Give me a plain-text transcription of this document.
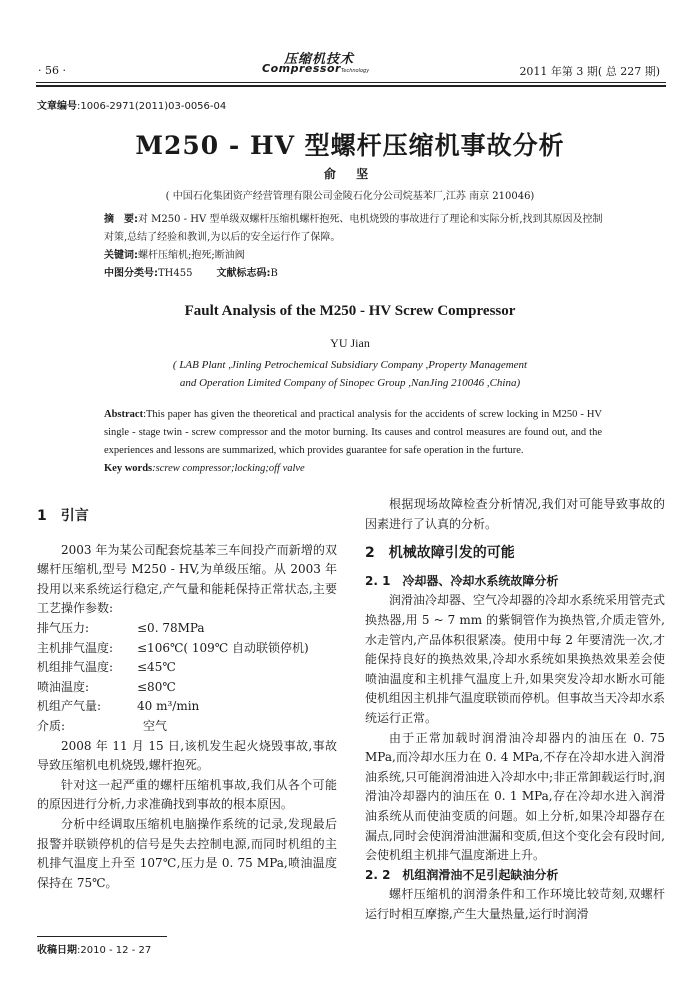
· 56 ·
压缩机技术
CompressorTechnology	2011 年第 3 期( 总 227 期)
文章编号:1006-2971(2011)03-0056-04
M250 - HV 型螺杆压缩机事故分析
俞 坚
( 中国石化集团资产经营管理有限公司金陵石化分公司烷基苯厂,江苏 南京 210046)
摘　要:对 M250 - HV 型单级双螺杆压缩机螺杆抱死、电机烧毁的事故进行了理论和实际分析,找到其原因及控制对策,总结了经验和教训,为以后的安全运行作了保障。
关键词:螺杆压缩机;抱死;断油阀
中图分类号:TH455 文献标志码:B
Fault Analysis of the M250 - HV Screw Compressor
YU Jian
( LAB Plant ,Jinling Petrochemical Subsidiary Company ,Property Management
and Operation Limited Company of Sinopec Group ,NanJing 210046 ,China)
Abstract:This paper has given the theoretical and practical analysis for the accidents of screw locking in M250 - HV single - stage twin - screw compressor and the motor burning. Its causes and control measures are found out, and the experiences and lessons are summarized, which provides guarantee for safe operation in the furture.
Key words:screw compressor;locking;off valve
1　引言

2003 年为某公司配套烷基苯三车间投产而新增的双螺杆压缩机,型号 M250 - HV,为单级压缩。从 2003 年投用以来系统运行稳定,产气量和能耗保持正常状态,主要工艺操作参数:

排气压力:	≤0. 78MPa
主机排气温度:	≤106℃( 109℃ 自动联锁停机)
机组排气温度:	≤45℃
喷油温度:	≤80℃
机组产气量:	40 m³/min
介质:	空气

2008 年 11 月 15 日,该机发生起火烧毁事故,事故导致压缩机电机烧毁,螺杆抱死。

针对这一起严重的螺杆压缩机事故,我们从各个可能的原因进行分析,力求准确找到事故的根本原因。

分析中经调取压缩机电脑操作系统的记录,发现最后报警并联锁停机的信号是失去控制电源,而同时机组的主机排气温度上升至 107℃,压力是 0. 75 MPa,喷油温度保持在 75℃。

根据现场故障检查分析情况,我们对可能导致事故的因素进行了认真的分析。

2　机械故障引发的可能
2. 1　冷却器、冷却水系统故障分析

润滑油冷却器、空气冷却器的冷却水系统采用管壳式换热器,用 5 ~ 7 mm 的紫铜管作为换热管,介质走管外,水走管内,产品体积很紧凑。使用中每 2 年要清洗一次,才能保持良好的换热效果,冷却水系统如果换热效果差会使喷油温度和主机排气温度上升,如果突发冷却水断水可能使机组因主机排气温度联锁而停机。但事故当天冷却水系统运行正常。

由于正常加载时润滑油冷却器内的油压在 0. 75 MPa,而冷却水压力在 0. 4 MPa,不存在冷却水进入润滑油系统,只可能润滑油进入冷却水中;非正常卸载运行时,润滑油冷却器内的油压在 0. 1 MPa,存在冷却水进入润滑油系统从而使油变质的问题。如上分析,如果冷却器存在漏点,同时会使润滑油泄漏和变质,但这个变化会有段时间,会使机组主机排气温度渐进上升。

2. 2　机组润滑油不足引起缺油分析

螺杆压缩机的润滑条件和工作环境比较苛刻,双螺杆运行时相互摩擦,产生大量热量,运行时润滑

收稿日期:2010 - 12 - 27
